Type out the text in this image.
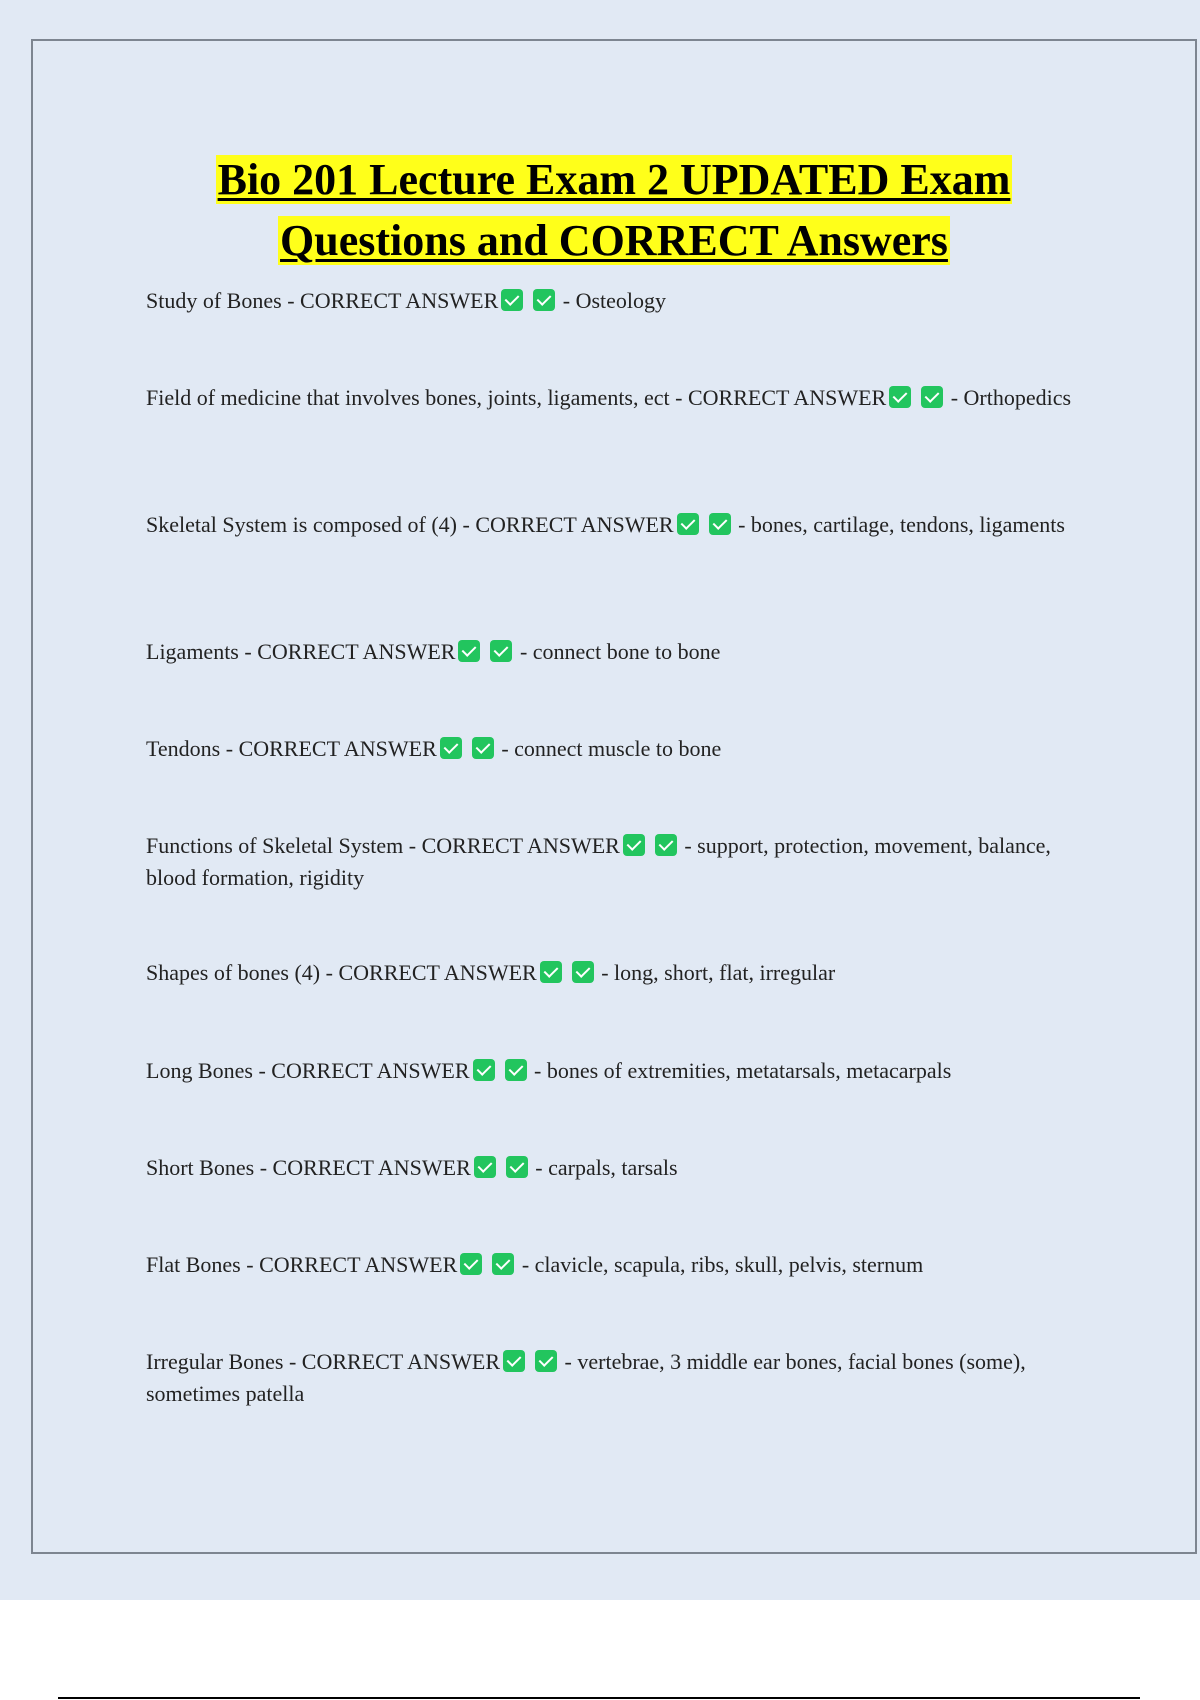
Bio 201 Lecture Exam 2 UPDATED Exam
Questions and CORRECT Answers
Study of Bones - CORRECT ANSWER	- Osteology
Field of medicine that involves bones, joints, ligaments, ect - CORRECT ANSWER	- Orthopedics
Skeletal System is composed of (4) - CORRECT ANSWER	- bones, cartilage, tendons, ligaments
Ligaments - CORRECT ANSWER	- connect bone to bone
Tendons - CORRECT ANSWER	- connect muscle to bone
Functions of Skeletal System - CORRECT ANSWER	- support, protection, movement, balance, blood formation, rigidity
Shapes of bones (4) - CORRECT ANSWER	- long, short, flat, irregular
Long Bones - CORRECT ANSWER	- bones of extremities, metatarsals, metacarpals
Short Bones - CORRECT ANSWER	- carpals, tarsals
Flat Bones - CORRECT ANSWER	- clavicle, scapula, ribs, skull, pelvis, sternum
Irregular Bones - CORRECT ANSWER	- vertebrae, 3 middle ear bones, facial bones (some), sometimes patella
